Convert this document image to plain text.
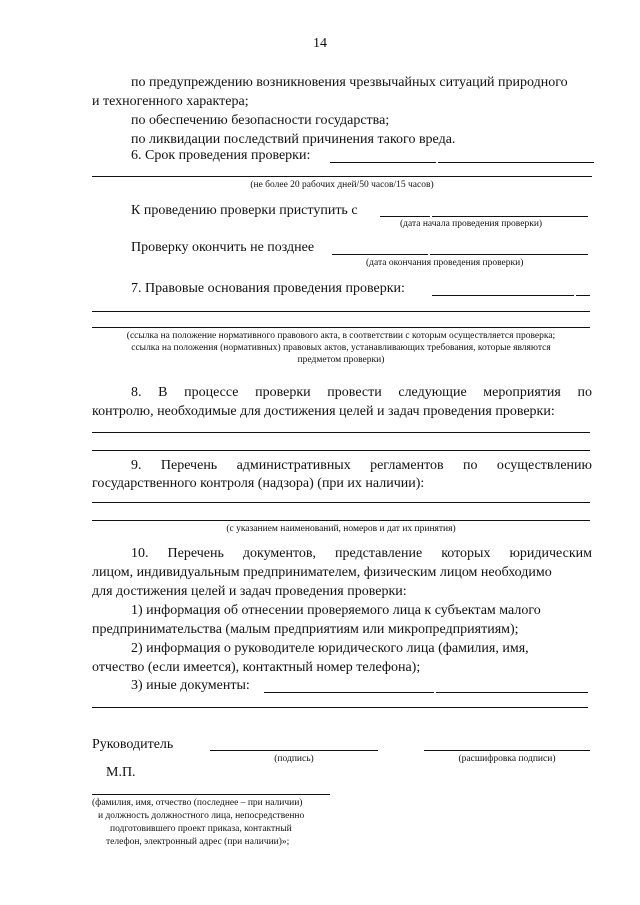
14
по предупреждению возникновения чрезвычайных ситуаций природного
и техногенного характера;
по обеспечению безопасности государства;
по ликвидации последствий причинения такого вреда.
6. Срок проведения проверки:
(не более 20 рабочих дней/50 часов/15 часов)
К проведению проверки приступить с
(дата начала проведения проверки)
Проверку окончить не позднее
(дата окончания проведения проверки)
7. Правовые основания проведения проверки:
(ссылка на положение нормативного правового акта, в соответствии с которым осуществляется проверка;
ссылка на положения (нормативных) правовых актов, устанавливающих требования, которые являются
предметом проверки)
8. В процессе проверки провести следующие мероприятия по
контролю, необходимые для достижения целей и задач проведения проверки:
9. Перечень административных регламентов по осуществлению
государственного контроля (надзора) (при их наличии):
(с указанием наименований, номеров и дат их принятия)
10. Перечень документов, представление которых юридическим
лицом, индивидуальным предпринимателем, физическим лицом необходимо
для достижения целей и задач проведения проверки:
1) информация об отнесении проверяемого лица к субъектам малого
предпринимательства (малым предприятиям или микропредприятиям);
2) информация о руководителе юридического лица (фамилия, имя,
отчество (если имеется), контактный номер телефона);
3) иные документы:
Руководитель
(подпись)	(расшифровка подписи)
М.П.
(фамилия, имя, отчество (последнее – при наличии)
и должность должностного лица, непосредственно
подготовившего проект приказа, контактный
телефон, электронный адрес (при наличии)»;
